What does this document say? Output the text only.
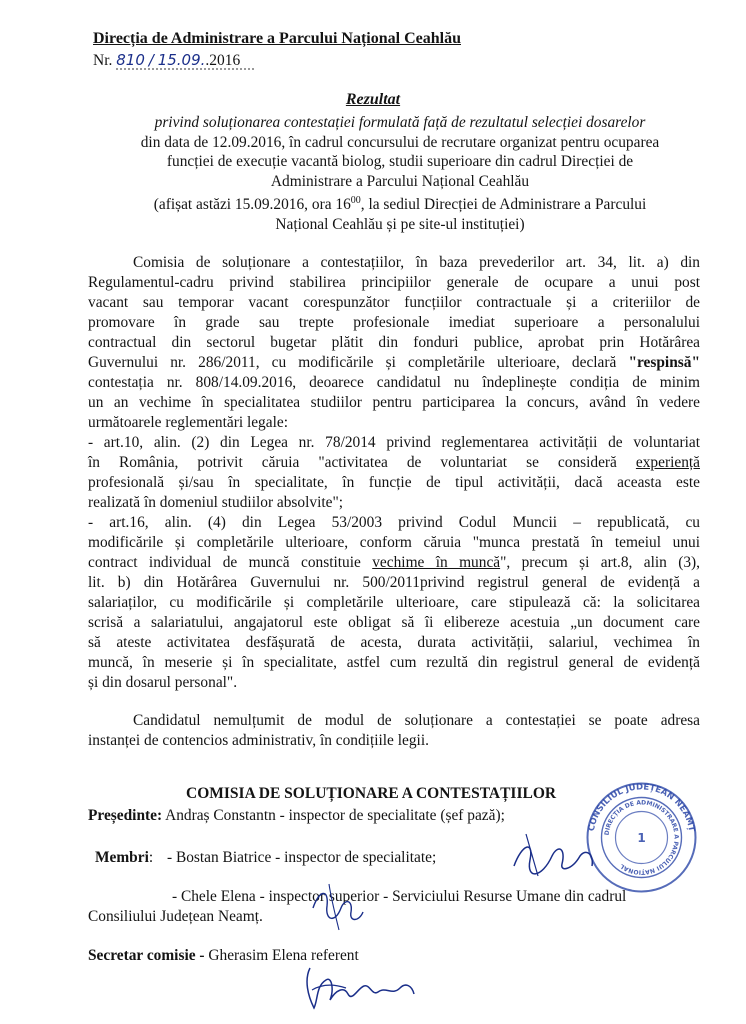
Direcția de Administrare a Parcului Național Ceahlău
Nr. 810 / 15.09..2016
Rezultat
privind soluționarea contestației formulată față de rezultatul selecției dosarelor
din data de 12.09.2016, în cadrul concursului de recrutare organizat pentru ocuparea
funcției de execuție vacantă biolog, studii superioare din cadrul Direcției de
Administrare a Parcului Național Ceahlău
(afișat astăzi 15.09.2016, ora $16^{00}$, la sediul Direcției de Administrare a Parcului
Național Ceahlău și pe site-ul instituției)
Comisia de soluționare a contestațiilor, în baza prevederilor art. 34, lit. a) din
Regulamentul-cadru privind stabilirea principiilor generale de ocupare a unui post
vacant sau temporar vacant corespunzător funcțiilor contractuale și a criteriilor de
promovare în grade sau trepte profesionale imediat superioare a personalului
contractual din sectorul bugetar plătit din fonduri publice, aprobat prin Hotărârea
Guvernului nr. 286/2011, cu modificările și completările ulterioare, declară "respinsă"
contestația nr. 808/14.09.2016, deoarece candidatul nu îndeplinește condiția de minim
un an vechime în specialitatea studiilor pentru participarea la concurs, având în vedere
următoarele reglementări legale:
- art.10, alin. (2) din Legea nr. 78/2014 privind reglementarea activității de voluntariat
în România, potrivit căruia "activitatea de voluntariat se consideră experiență
profesională și/sau în specialitate, în funcție de tipul activității, dacă aceasta este
realizată în domeniul studiilor absolvite";
- art.16, alin. (4) din Legea 53/2003 privind Codul Muncii – republicată, cu
modificările și completările ulterioare, conform căruia "munca prestată în temeiul unui
contract individual de muncă constituie vechime în muncă", precum și art.8, alin (3),
lit. b) din Hotărârea Guvernului nr. 500/2011privind registrul general de evidență a
salariaților, cu modificările și completările ulterioare, care stipulează că: la solicitarea
scrisă a salariatului, angajatorul este obligat să îi elibereze acestuia „un document care
să ateste activitatea desfășurată de acesta, durata activității, salariul, vechimea în
muncă, în meserie și în specialitate, astfel cum rezultă din registrul general de evidență
și din dosarul personal".
Candidatul nemulțumit de modul de soluționare a contestației se poate adresa
instanței de contencios administrativ, în condițiile legii.
COMISIA DE SOLUȚIONARE A CONTESTAȚIILOR
Președinte: Andraș Constantn - inspector de specialitate (șef pază);
Membri: - Bostan Biatrice - inspector de specialitate;
- Chele Elena - inspector superior - Serviciului Resurse Umane din cadrul
Consiliului Județean Neamț.
Secretar comisie - Gherasim Elena referent
CONSILIUL JUDEȚEAN NEAMȚ
DIRECȚIA DE ADMINISTRARE A PARCULUI NAȚIONAL
1
